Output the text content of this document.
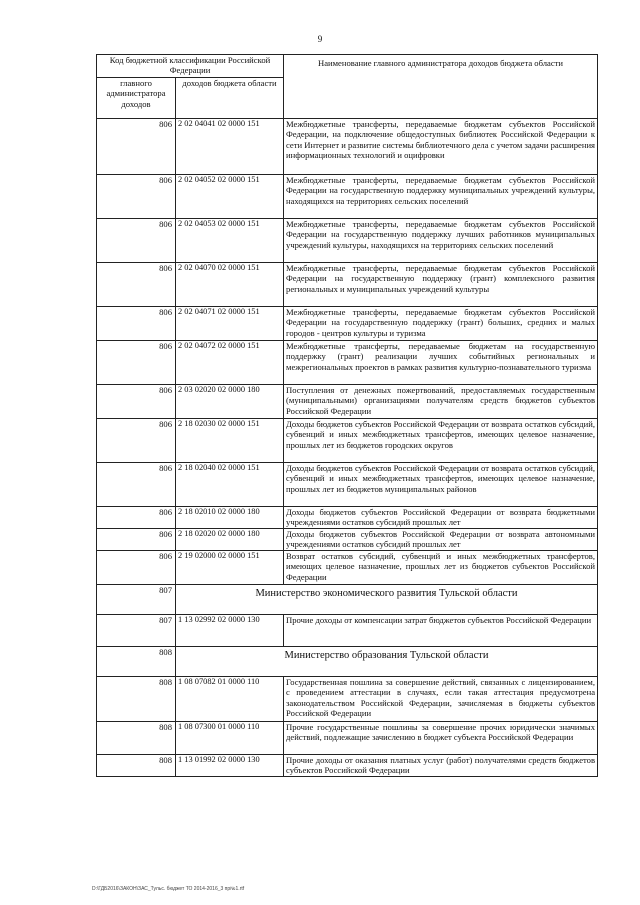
9
Код бюджетной классификации Российской Федерации		Наименование главного администратора доходов бюджета области
главного администратора доходов	доходов бюджета области	
806	2 02 04041 02 0000 151	Межбюджетные трансферты, передаваемые бюджетам субъектов Российской Федерации, на подключение общедоступных библиотек Российской Федерации к сети Интернет и развитие системы библиотечного дела с учетом задачи расширения информационных технологий и оцифровки
806	2 02 04052 02 0000 151	Межбюджетные трансферты, передаваемые бюджетам субъектов Российской Федерации на государственную поддержку муниципальных учреждений культуры, находящихся на территориях сельских поселений
806	2 02 04053 02 0000 151	Межбюджетные трансферты, передаваемые бюджетам субъектов Российской Федерации на государственную поддержку лучших работников муниципальных учреждений культуры, находящихся на территориях сельских поселений
806	2 02 04070 02 0000 151	Межбюджетные трансферты, передаваемые бюджетам субъектов Российской Федерации на государственную поддержку (грант) комплексного развития региональных и муниципальных учреждений культуры
806	2 02 04071 02 0000 151	Межбюджетные трансферты, передаваемые бюджетам субъектов Российской Федерации на государственную поддержку (грант) больших, средних и малых городов - центров культуры и туризма
806	2 02 04072 02 0000 151	Межбюджетные трансферты, передаваемые бюджетам на государственную поддержку (грант) реализации лучших событийных региональных и межрегиональных проектов в рамках развития культурно-познавательного туризма
806	2 03 02020 02 0000 180	Поступления от денежных пожертвований, предоставляемых государственным (муниципальными) организациями получателям средств бюджетов субъектов Российской Федерации
806	2 18 02030 02 0000 151	Доходы бюджетов субъектов Российской Федерации от возврата остатков субсидий, субвенций и иных межбюджетных трансфертов, имеющих целевое назначение, прошлых лет из бюджетов городских округов
806	2 18 02040 02 0000 151	Доходы бюджетов субъектов Российской Федерации от возврата остатков субсидий, субвенций и иных межбюджетных трансфертов, имеющих целевое назначение, прошлых лет из бюджетов муниципальных районов
806	2 18 02010 02 0000 180	Доходы бюджетов субъектов Российской Федерации от возврата бюджетными учреждениями остатков субсидий прошлых лет
806	2 18 02020 02 0000 180	Доходы бюджетов субъектов Российской Федерации от возврата автономными учреждениями остатков субсидий прошлых лет
806	2 19 02000 02 0000 151	Возврат остатков субсидий, субвенций и иных межбюджетных трансфертов, имеющих целевое назначение, прошлых лет из бюджетов субъектов Российской Федерации
807	Министерство экономического развития Тульской области	
807	1 13 02992 02 0000 130	Прочие доходы от компенсации затрат бюджетов субъектов Российской Федерации
808	Министерство образования Тульской области	
808	1 08 07082 01 0000 110	Государственная пошлина за совершение действий, связанных с лицензированием, с проведением аттестации в случаях, если такая аттестация предусмотрена законодательством Российской Федерации, зачисляемая в бюджеты субъектов Российской Федерации
808	1 08 07300 01 0000 110	Прочие государственные пошлины за совершение прочих юридически значимых действий, подлежащие зачислению в бюджет субъекта Российской Федерации
808	1 13 01992 02 0000 130	Прочие доходы от оказания платных услуг (работ) получателями средств бюджетов субъектов Российской Федерации
D:\ГДБ2016\ЗАКОН\ЗАС_Тульс. бюджет ТО 2014-2016_3 пр№1.rtf
